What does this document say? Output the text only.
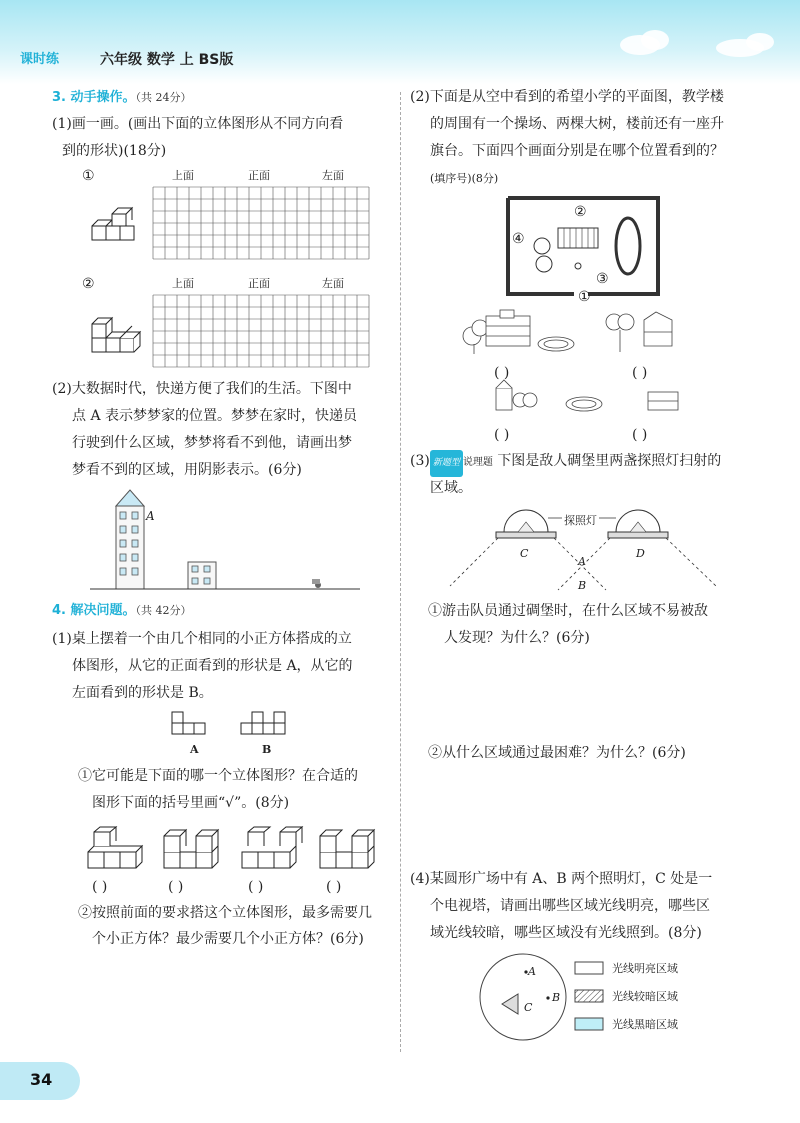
课时练	六年级 数学 上 BS版
3. 动手操作。（共 24分）
(1)画一画。(画出下面的立体图形从不同方向看
到的形状)(18分)
①	上面	正面	左面
②	上面	正面	左面
(2)大数据时代，快递方便了我们的生活。下图中
点 A 表示梦梦家的位置。梦梦在家时，快递员
行驶到什么区域，梦梦将看不到他，请画出梦
梦看不到的区域，用阴影表示。(6分)
A
4. 解决问题。（共 42分）
(1)桌上摆着一个由几个相同的小正方体搭成的立
体图形，从它的正面看到的形状是 A，从它的
左面看到的形状是 B。
A	B
①它可能是下面的哪一个立体图形？在合适的
图形下面的括号里画“√”。(8分)
( )	( )	( )	( )
②按照前面的要求搭这个立体图形，最多需要几
个小正方体？最少需要几个小正方体？(6分)
(2)下面是从空中看到的希望小学的平面图，教学楼
的周围有一个操场、两棵大树，楼前还有一座升
旗台。下面四个画面分别是在哪个位置看到的？
(填序号)(8分)
②
④
③
①
( )	( )
( )	( )
(3) 新题型 说理题 下图是敌人碉堡里两盏探照灯扫射的
区域。
探照灯
C
A
D
B
①游击队员通过碉堡时，在什么区域不易被敌
人发现？为什么？(6分)
②从什么区域通过最困难？为什么？(6分)
(4)某圆形广场中有 A、B 两个照明灯，C 处是一
个电视塔，请画出哪些区域光线明亮，哪些区
域光线较暗，哪些区域没有光线照到。(8分)
A
B
C
光线明亮区域
光线较暗区域
光线黑暗区域
34
